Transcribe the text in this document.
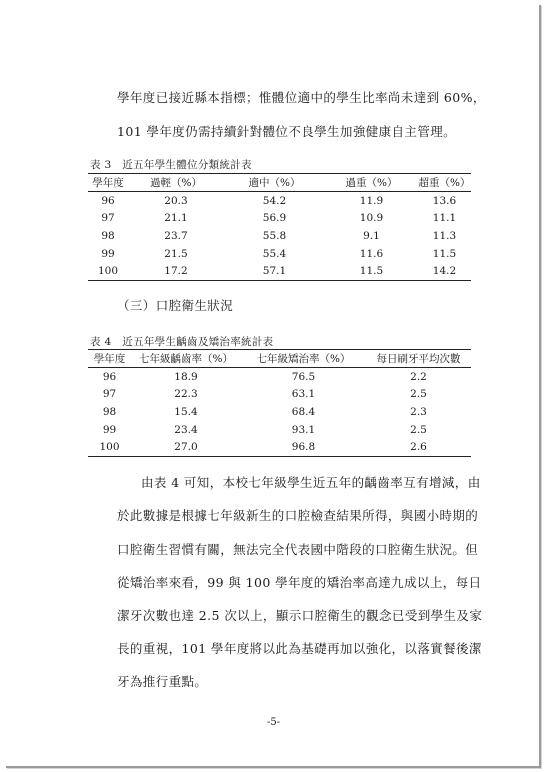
學年度已接近縣本指標；惟體位適中的學生比率尚未達到 60%，
101 學年度仍需持續針對體位不良學生加強健康自主管理。
表 3　近五年學生體位分類統計表
學年度	過輕（%）	適中（%）	過重（%）	超重（%）
96	20.3	54.2	11.9	13.6
97	21.1	56.9	10.9	11.1
98	23.7	55.8	9.1	11.3
99	21.5	55.4	11.6	11.5
100	17.2	57.1	11.5	14.2
（三）口腔衛生狀況
表 4　近五年學生齲齒及矯治率統計表
學年度	七年級齲齒率（%）	七年級矯治率（%）	每日刷牙平均次數
96	18.9	76.5	2.2
97	22.3	63.1	2.5
98	15.4	68.4	2.3
99	23.4	93.1	2.5
100	27.0	96.8	2.6
由表 4 可知，本校七年級學生近五年的齲齒率互有增減，由
於此數據是根據七年級新生的口腔檢查結果所得，與國小時期的
口腔衛生習慣有關，無法完全代表國中階段的口腔衛生狀況。但
從矯治率來看，99 與 100 學年度的矯治率高達九成以上，每日
潔牙次數也達 2.5 次以上，顯示口腔衛生的觀念已受到學生及家
長的重視，101 學年度將以此為基礎再加以強化，以落實餐後潔
牙為推行重點。
-5-
